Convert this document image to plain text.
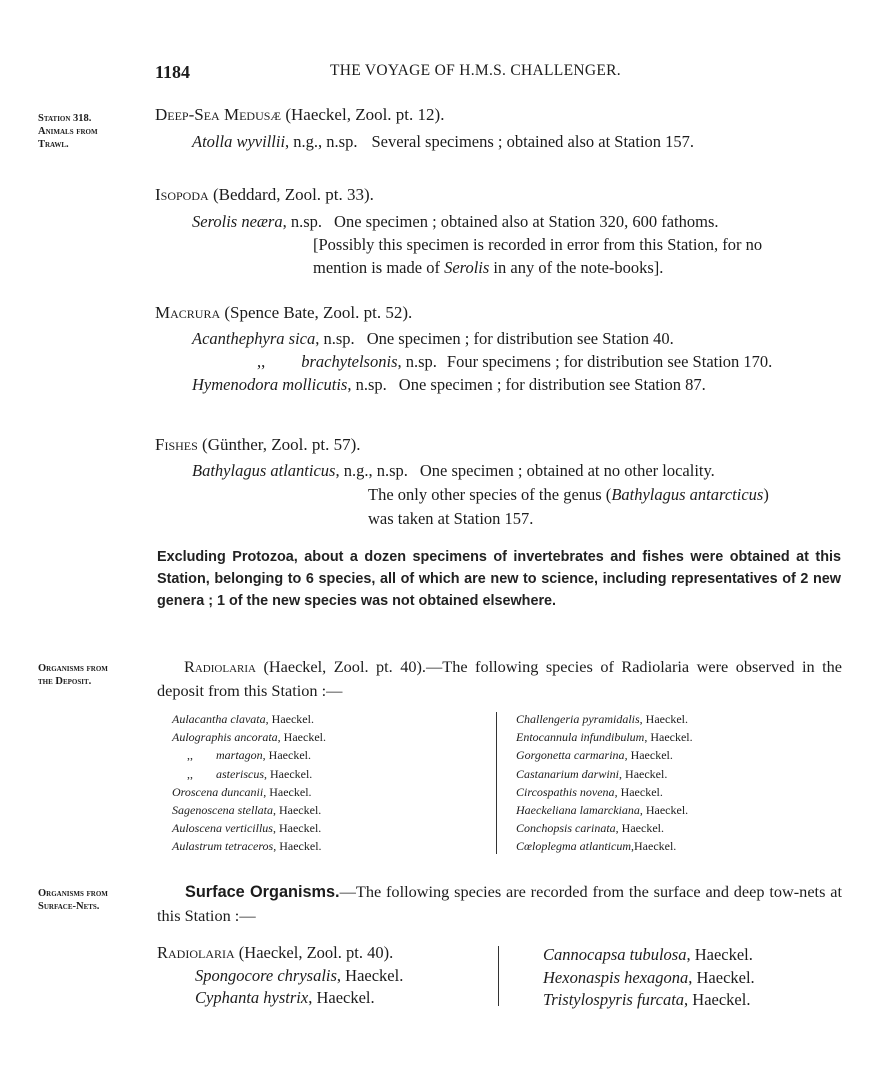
1184	THE VOYAGE OF H.M.S. CHALLENGER.
Station 318.
Animals from
Trawl.
Organisms from
the Deposit.
Organisms from
Surface-Nets.
Deep-Sea Medusæ (Haeckel, Zool. pt. 12).
Atolla wyvillii, n.g., n.sp. Several specimens ; obtained also at Station 157.
Isopoda (Beddard, Zool. pt. 33).
Serolis neæra, n.sp. One specimen ; obtained also at Station 320, 600 fathoms.
[Possibly this specimen is recorded in error from this Station, for no
mention is made of Serolis in any of the note-books].
Macrura (Spence Bate, Zool. pt. 52).
Acanthephyra sica, n.sp. One specimen ; for distribution see Station 40.
,, brachytelsonis, n.sp. Four specimens ; for distribution see Station 170.
Hymenodora mollicutis, n.sp. One specimen ; for distribution see Station 87.
Fishes (Günther, Zool. pt. 57).
Bathylagus atlanticus, n.g., n.sp. One specimen ; obtained at no other locality.
The only other species of the genus (Bathylagus antarcticus)
was taken at Station 157.
Excluding Protozoa, about a dozen specimens of invertebrates and fishes were obtained at this Station, belonging to 6 species, all of which are new to science, including representatives of 2 new genera ; 1 of the new species was not obtained elsewhere.
Radiolaria (Haeckel, Zool. pt. 40).—The following species of Radiolaria were observed in the deposit from this Station :—
Aulacantha clavata, Haeckel.
Aulographis ancorata, Haeckel.
,, martagon, Haeckel.
,, asteriscus, Haeckel.
Oroscena duncanii, Haeckel.
Sagenoscena stellata, Haeckel.
Auloscena verticillus, Haeckel.
Aulastrum tetraceros, Haeckel.
Challengeria pyramidalis, Haeckel.
Entocannula infundibulum, Haeckel.
Gorgonetta carmarina, Haeckel.
Castanarium darwini, Haeckel.
Circospathis novena, Haeckel.
Haeckeliana lamarckiana, Haeckel.
Conchopsis carinata, Haeckel.
Cœloplegma atlanticum,Haeckel.
Surface Organisms.—The following species are recorded from the surface and deep tow-nets at this Station :—
Radiolaria (Haeckel, Zool. pt. 40).
Spongocore chrysalis, Haeckel.
Cyphanta hystrix, Haeckel.
Cannocapsa tubulosa, Haeckel.
Hexonaspis hexagona, Haeckel.
Tristylospyris furcata, Haeckel.
